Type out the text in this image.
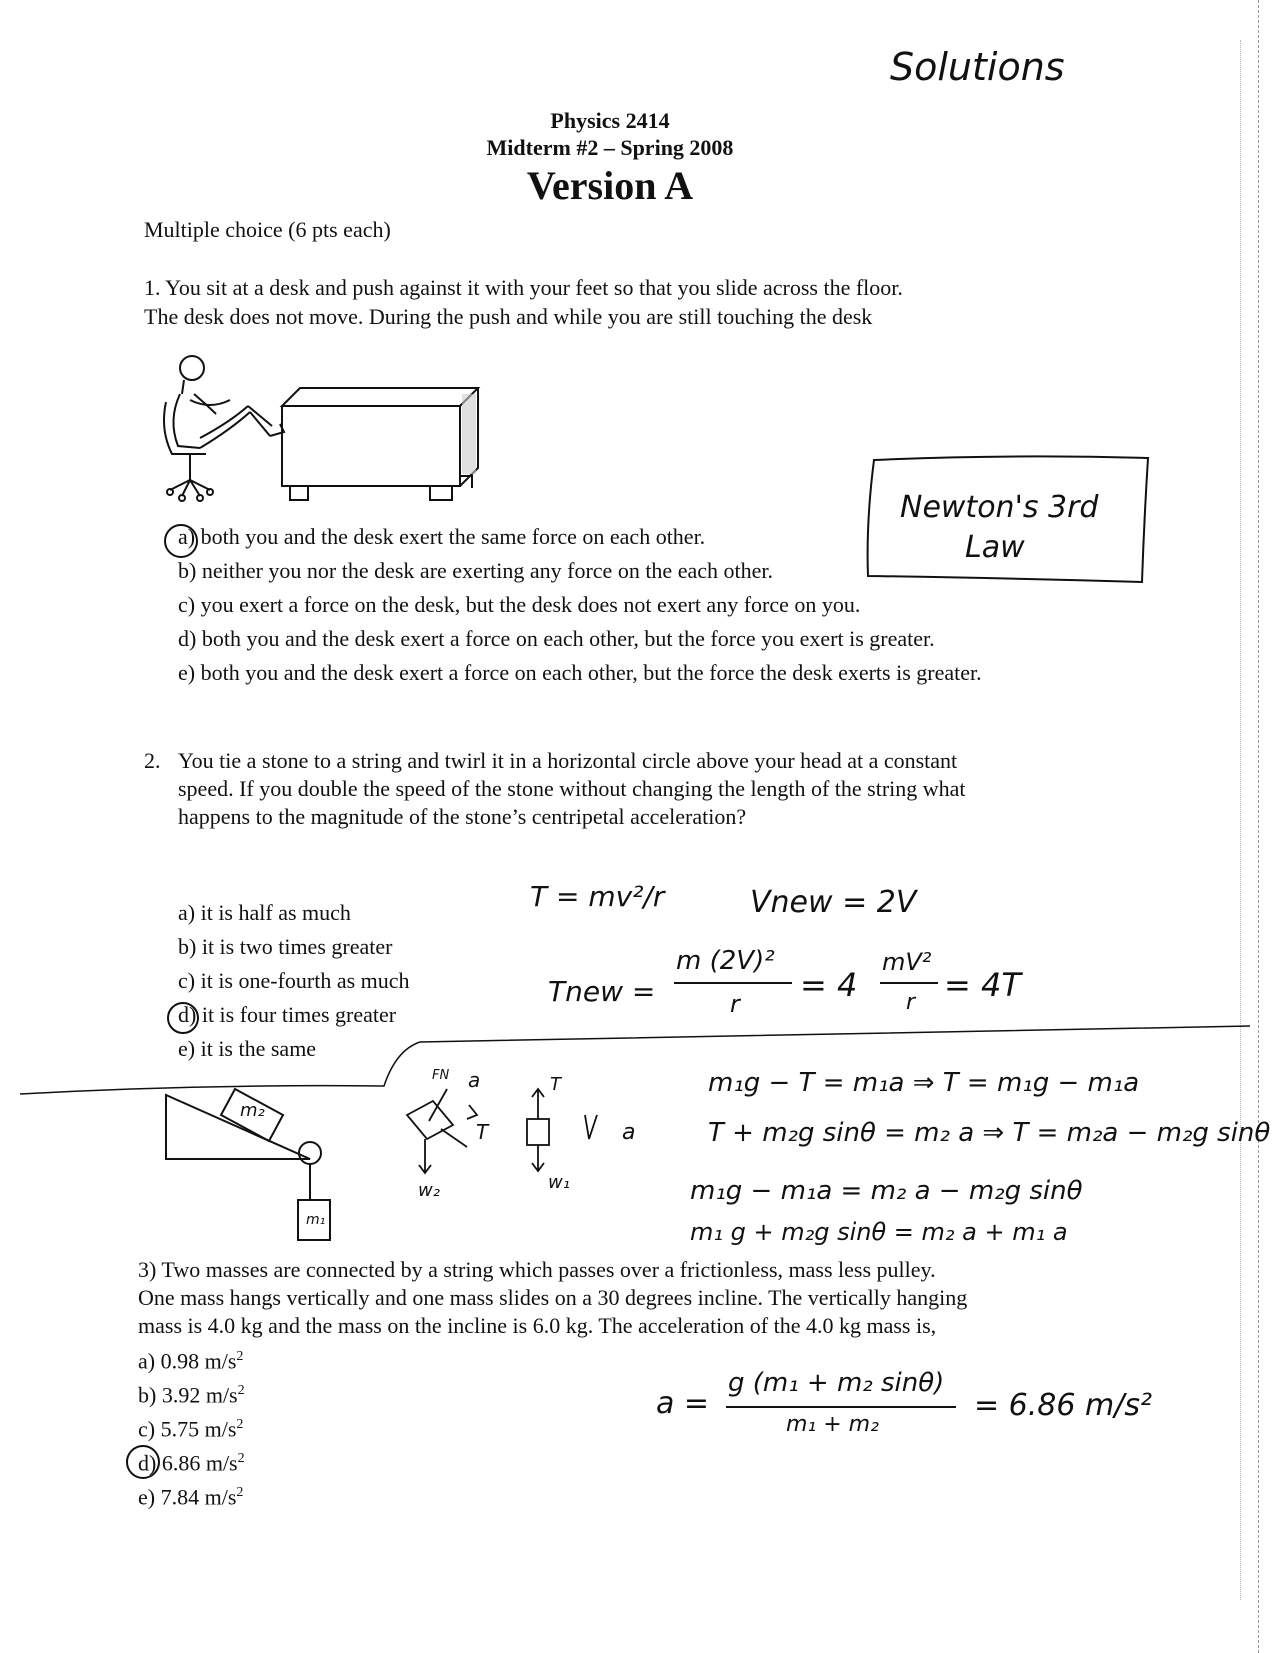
Solutions
Physics 2414
Midterm #2 – Spring 2008
Version A
Multiple choice (6 pts each)
1. You sit at a desk and push against it with your feet so that you slide across the floor.
The desk does not move. During the push and while you are still touching the desk
Newton's 3rd
Law
a) both you and the desk exert the same force on each other.
b) neither you nor the desk are exerting any force on the each other.
c) you exert a force on the desk, but the desk does not exert any force on you.
d) both you and the desk exert a force on each other, but the force you exert is greater.
e) both you and the desk exert a force on each other, but the force the desk exerts is greater.
2. You tie a stone to a string and twirl it in a horizontal circle above your head at a constant
speed. If you double the speed of the stone without changing the length of the string what
happens to the magnitude of the stone’s centripetal acceleration?
a) it is half as much
b) it is two times greater
c) it is one-fourth as much
d) it is four times greater
e) it is the same
T = mv²/r	Vnew = 2V
Tnew =
m (2V)²
r = 4
mV²
r = 4T
m₂
m₁
FN a
T
w₂
T
w₁
a
m₁g − T = m₁a ⇒ T = m₁g − m₁a
T + m₂g sinθ = m₂ a ⇒ T = m₂a − m₂g sinθ
m₁g − m₁a = m₂ a − m₂g sinθ
m₁ g + m₂g sinθ = m₂ a + m₁ a
3) Two masses are connected by a string which passes over a frictionless, mass less pulley.
One mass hangs vertically and one mass slides on a 30 degrees incline. The vertically hanging
mass is 4.0 kg and the mass on the incline is 6.0 kg. The acceleration of the 4.0 kg mass is,
a) 0.98 $m/s^2$
b) 3.92 $m/s^2$
c) 5.75 $m/s^2$
d) 6.86 $m/s^2$
e) 7.84 $m/s^2$
a =
g (m₁ + m₂ sinθ)
m₁ + m₂
= 6.86 m/s²
